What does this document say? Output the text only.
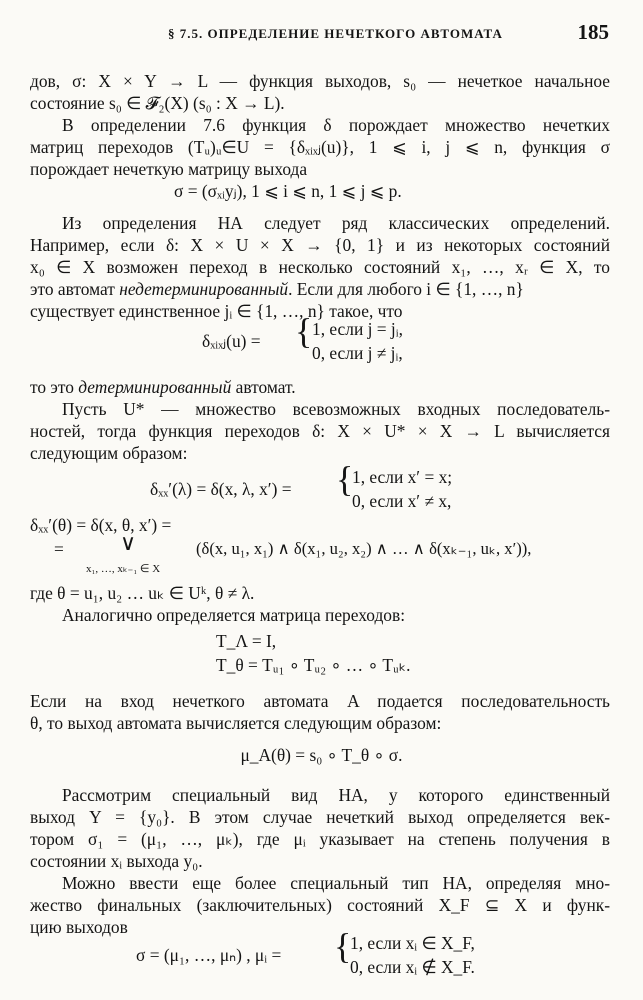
§ 7.5. ОПРЕДЕЛЕНИЕ НЕЧЕТКОГО АВТОМАТА	185
дов, σ: X × Y → L — функция выходов, s₀ — нечеткое начальное
состояние s₀ ∈ 𝓕₂(X) (s₀ : X → L).
В определении 7.6 функция δ порождает множество нечетких
матриц переходов (Tᵤ)ᵤ∈U = {δₓᵢₓⱼ(u)}, 1 ⩽ i, j ⩽ n, функция σ
порождает нечеткую матрицу выхода
σ = (σₓᵢyⱼ), 1 ⩽ i ⩽ n, 1 ⩽ j ⩽ p.
Из определения НА следует ряд классических определений.
Например, если δ: X × U × X → {0, 1} и из некоторых состояний
x₀ ∈ X возможен переход в несколько состояний x₁, …, xᵣ ∈ X, то
это автомат недетерминированный. Если для любого i ∈ {1, …, n}
существует единственное jᵢ ∈ {1, …, n} такое, что
δₓᵢₓⱼ(u) = { 1, если j = jᵢ,
0, если j ≠ jᵢ,
то это детерминированный автомат.
Пусть U* — множество всевозможных входных последователь-
ностей, тогда функция переходов δ: X × U* × X → L вычисляется
следующим образом:
δₓₓ′(λ) = δ(x, λ, x′) = {
1, если x′ = x;
0, если x′ ≠ x,
δₓₓ′(θ) = δ(x, θ, x′) =
=	∨
x₁, …, xₖ₋₁ ∈ X
(δ(x, u₁, x₁) ∧ δ(x₁, u₂, x₂) ∧ … ∧ δ(xₖ₋₁, uₖ, x′)),
где θ = u₁, u₂ … uₖ ∈ Uᵏ, θ ≠ λ.
Аналогично определяется матрица переходов:
T_Λ = I,
T_θ = Tᵤ₁ ∘ Tᵤ₂ ∘ … ∘ Tᵤₖ.
Если на вход нечеткого автомата A подается последовательность
θ, то выход автомата вычисляется следующим образом:
μ_A(θ) = s₀ ∘ T_θ ∘ σ.
Рассмотрим специальный вид НА, у которого единственный
выход Y = {y₀}. В этом случае нечеткий выход определяется век-
тором σ₁ = (μ₁, …, μₖ), где μᵢ указывает на степень получения в
состоянии xᵢ выхода y₀.
Можно ввести еще более специальный тип НА, определяя мно-
жество финальных (заключительных) состояний X_F ⊆ X и функ-
цию выходов
σ = (μ₁, …, μₙ) , μᵢ = {
1, если xᵢ ∈ X_F,
0, если xᵢ ∉ X_F.
